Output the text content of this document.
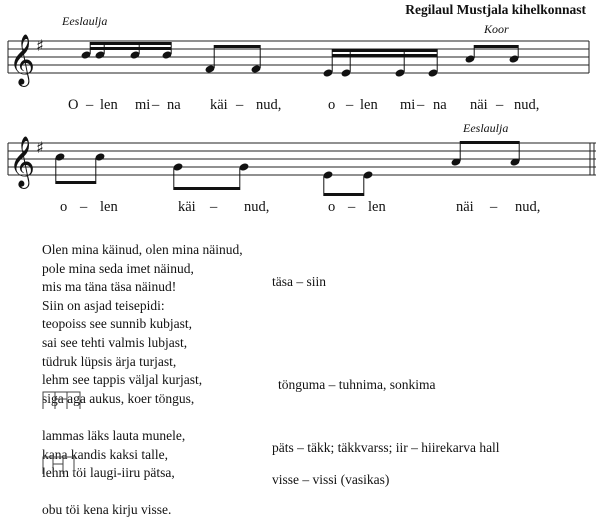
Regilaul Mustjala kihelkonnast
Eeslaulja
Koor
Eeslaulja
𝄞 ♯
𝄞 ♯
O – len mi – na käi – nud,	o – len mi – na näi – nud,
o – len	käi – nud,	o – len	näi – nud,
Olen mina käinud, olen mina näinud,
pole mina seda imet näinud,
mis ma täna täsa näinud!
Siin on asjad teisepidi:
teopoiss see sunnib kubjast,
sai see tehti valmis lubjast,
tüdruk lüpsis ärja turjast,
lehm see tappis väljal kurjast,
siga aga aukus, koer töngus,
lammas läks lauta munele,
kana kandis kaksi talle,
lehm töi laugi-iiru pätsa,
obu töi kena kirju visse.
täsa – siin
tönguma – tuhnima, sonkima
päts – täkk; täkkvarss; iir – hiirekarva hall
visse – vissi (vasikas)
